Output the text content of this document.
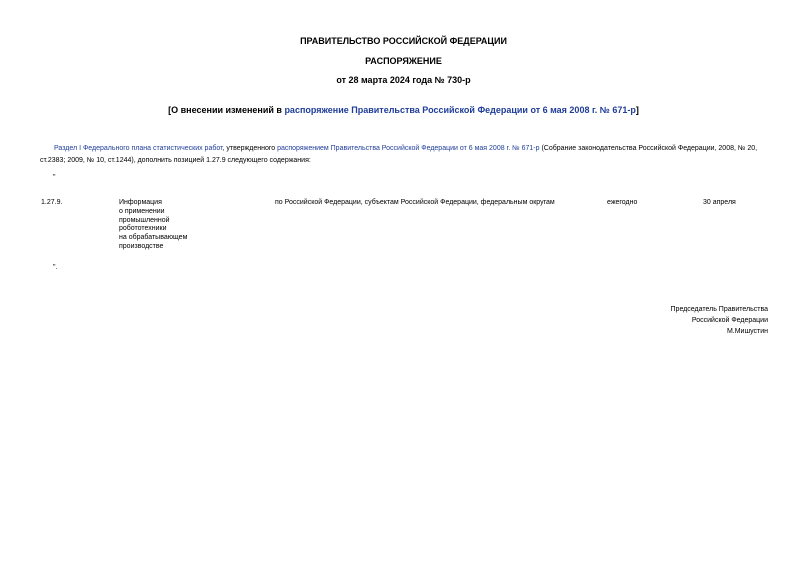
ПРАВИТЕЛЬСТВО РОССИЙСКОЙ ФЕДЕРАЦИИ
РАСПОРЯЖЕНИЕ
от 28 марта 2024 года № 730-р
[О внесении изменений в распоряжение Правительства Российской Федерации от 6 мая 2008 г. № 671-р]
Раздел I Федерального плана статистических работ, утвержденного распоряжением Правительства Российской Федерации от 6 мая 2008 г. № 671-р (Собрание законодательства Российской Федерации, 2008, № 20, ст.2383; 2009, № 10, ст.1244), дополнить позицией 1.27.9 следующего содержания:
"
1.27.9.	Информация
о применении
промышленной
робототехники
на обрабатывающем
производстве
по Российской Федерации, субъектам Российской Федерации, федеральным округам	ежегодно	30 апреля
".
Председатель Правительства
Российской Федерации
М.Мишустин
